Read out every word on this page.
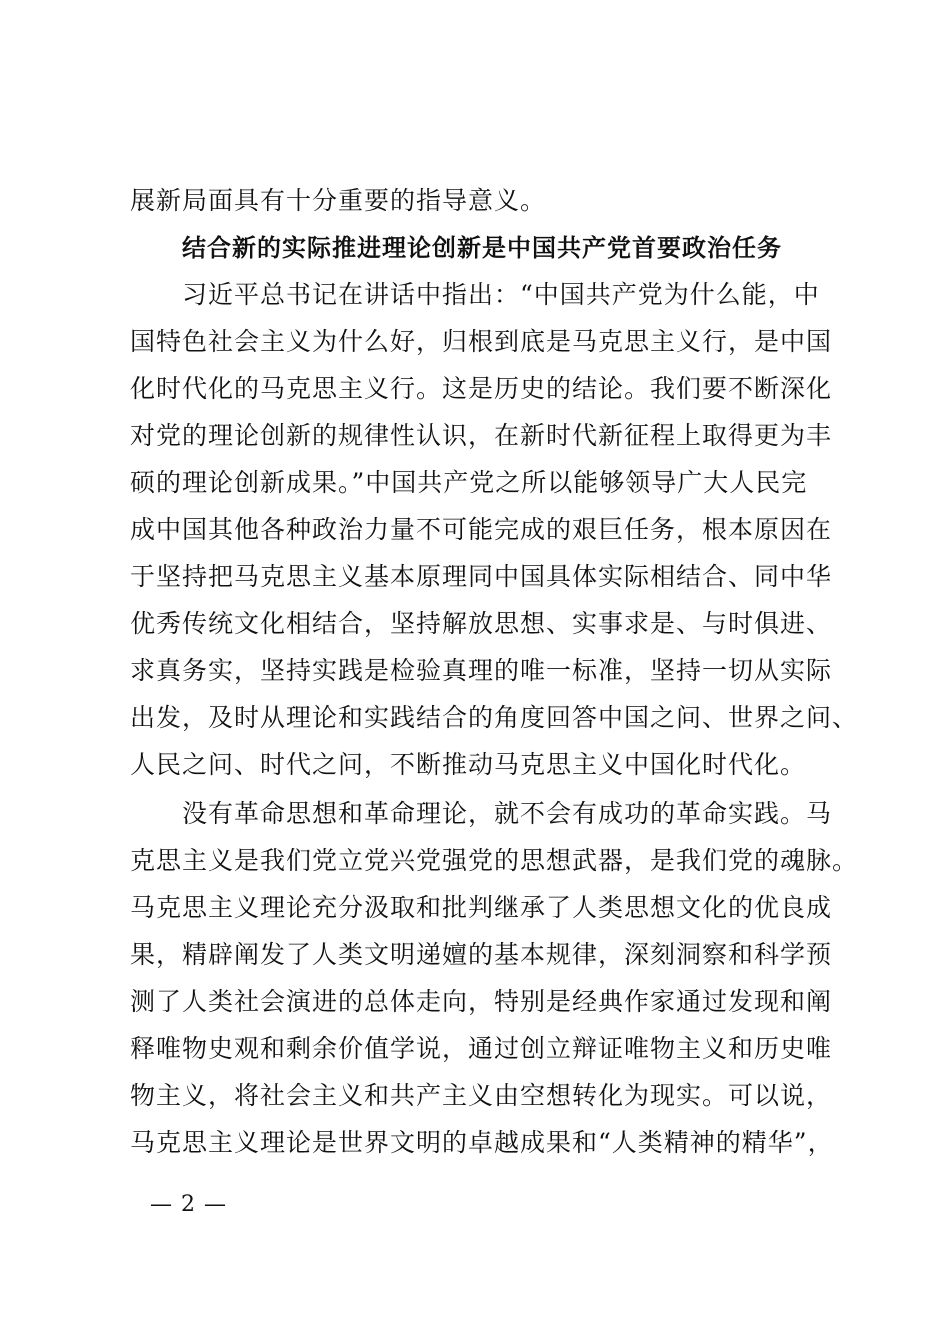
展新局面具有十分重要的指导意义。
结合新的实际推进理论创新是中国共产党首要政治任务
习近平总书记在讲话中指出：“中国共产党为什么能，中
国特色社会主义为什么好，归根到底是马克思主义行，是中国
化时代化的马克思主义行。这是历史的结论。我们要不断深化
对党的理论创新的规律性认识，在新时代新征程上取得更为丰
硕的理论创新成果。”中国共产党之所以能够领导广大人民完
成中国其他各种政治力量不可能完成的艰巨任务，根本原因在
于坚持把马克思主义基本原理同中国具体实际相结合、同中华
优秀传统文化相结合，坚持解放思想、实事求是、与时俱进、
求真务实，坚持实践是检验真理的唯一标准，坚持一切从实际
出发，及时从理论和实践结合的角度回答中国之问、世界之问、
人民之问、时代之问，不断推动马克思主义中国化时代化。
没有革命思想和革命理论，就不会有成功的革命实践。马
克思主义是我们党立党兴党强党的思想武器，是我们党的魂脉。
马克思主义理论充分汲取和批判继承了人类思想文化的优良成
果，精辟阐发了人类文明递嬗的基本规律，深刻洞察和科学预
测了人类社会演进的总体走向，特别是经典作家通过发现和阐
释唯物史观和剩余价值学说，通过创立辩证唯物主义和历史唯
物主义，将社会主义和共产主义由空想转化为现实。可以说，
马克思主义理论是世界文明的卓越成果和“人类精神的精华”，
— 2 —
